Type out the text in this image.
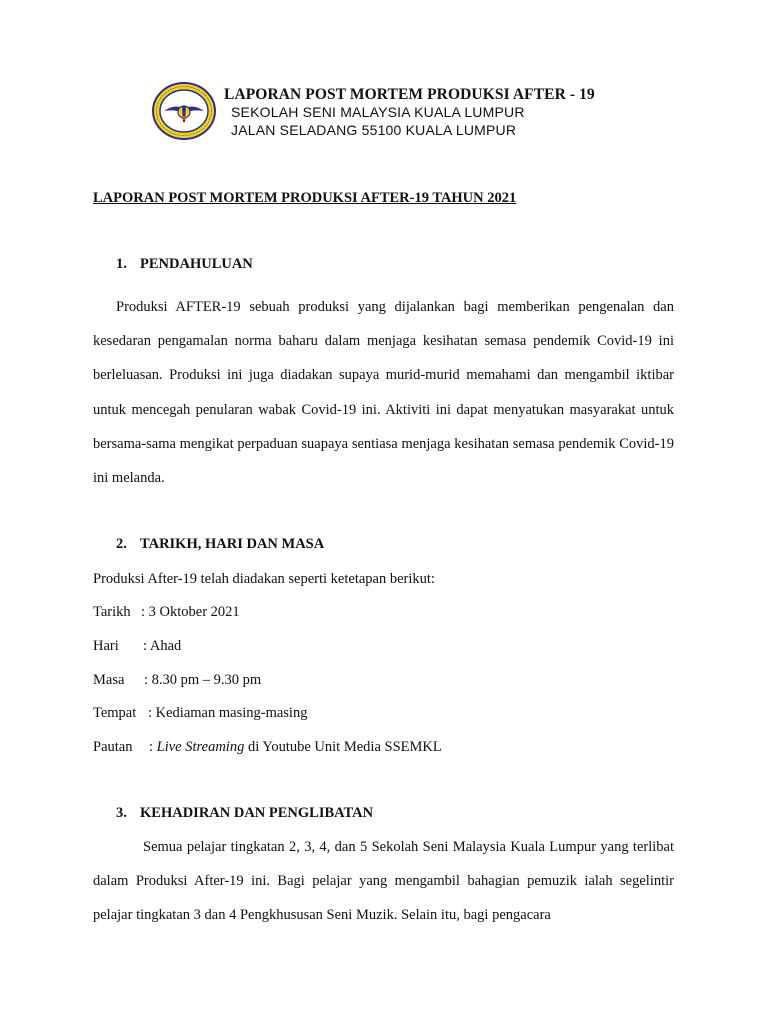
LAPORAN POST MORTEM PRODUKSI AFTER - 19
SEKOLAH SENI MALAYSIA KUALA LUMPUR
JALAN SELADANG 55100 KUALA LUMPUR
LAPORAN POST MORTEM PRODUKSI AFTER-19 TAHUN 2021
1. PENDAHULUAN
Produksi AFTER-19 sebuah produksi yang dijalankan bagi memberikan pengenalan dan kesedaran pengamalan norma baharu dalam menjaga kesihatan semasa pendemik Covid-19 ini berleluasan. Produksi ini juga diadakan supaya murid-murid memahami dan mengambil iktibar untuk mencegah penularan wabak Covid-19 ini. Aktiviti ini dapat menyatukan masyarakat untuk bersama-sama mengikat perpaduan suapaya sentiasa menjaga kesihatan semasa pendemik Covid-19 ini melanda.
2. TARIKH, HARI DAN MASA
Produksi After-19 telah diadakan seperti ketetapan berikut:
Tarikh : 3 Oktober 2021
Hari : Ahad
Masa : 8.30 pm – 9.30 pm
Tempat : Kediaman masing-masing
Pautan : Live Streaming di Youtube Unit Media SSEMKL
3. KEHADIRAN DAN PENGLIBATAN
Semua pelajar tingkatan 2, 3, 4, dan 5 Sekolah Seni Malaysia Kuala Lumpur yang terlibat dalam Produksi After-19 ini. Bagi pelajar yang mengambil bahagian pemuzik ialah segelintir pelajar tingkatan 3 dan 4 Pengkhususan Seni Muzik. Selain itu, bagi pengacara
